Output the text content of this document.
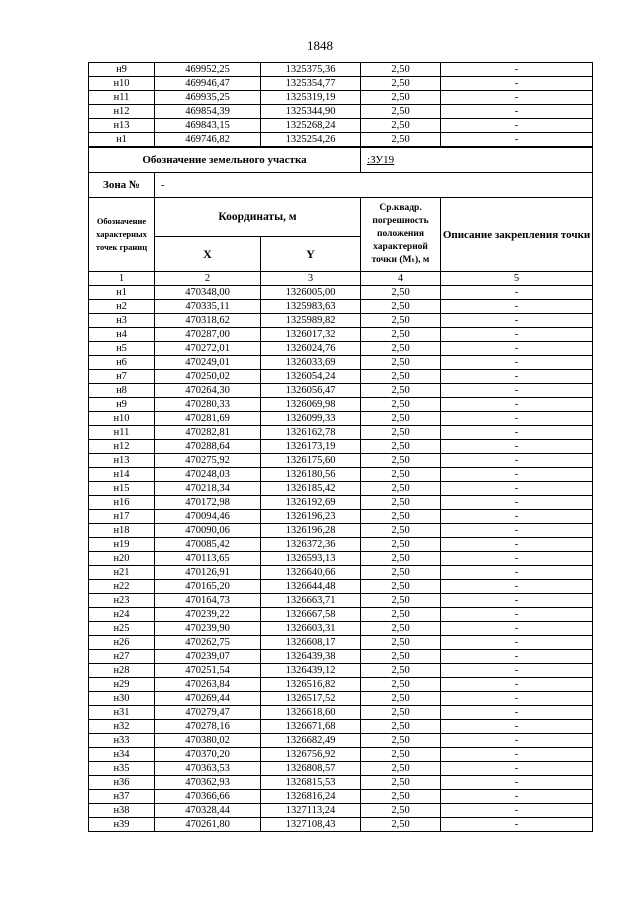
1848
н9	469952,25	1325375,36	2,50	-
н10	469946,47	1325354,77	2,50	-
н11	469935,25	1325319,19	2,50	-
н12	469854,39	1325344,90	2,50	-
н13	469843,15	1325268,24	2,50	-
н1	469746,82	1325254,26	2,50	-
Обозначение земельного участка			:ЗУ19	
Зона №	-			
Обозначение характерных точек границ	Координаты, м		Ср.квадр. погрешность положения характерной точки (Mₜ), м	Описание закрепления точки
	X	Y		
1	2	3	4	5
н1	470348,00	1326005,00	2,50	-
н2	470335,11	1325983,63	2,50	-
н3	470318,62	1325989,82	2,50	-
н4	470287,00	1326017,32	2,50	-
н5	470272,01	1326024,76	2,50	-
н6	470249,01	1326033,69	2,50	-
н7	470250,02	1326054,24	2,50	-
н8	470264,30	1326056,47	2,50	-
н9	470280,33	1326069,98	2,50	-
н10	470281,69	1326099,33	2,50	-
н11	470282,81	1326162,78	2,50	-
н12	470288,64	1326173,19	2,50	-
н13	470275,92	1326175,60	2,50	-
н14	470248,03	1326180,56	2,50	-
н15	470218,34	1326185,42	2,50	-
н16	470172,98	1326192,69	2,50	-
н17	470094,46	1326196,23	2,50	-
н18	470090,06	1326196,28	2,50	-
н19	470085,42	1326372,36	2,50	-
н20	470113,65	1326593,13	2,50	-
н21	470126,91	1326640,66	2,50	-
н22	470165,20	1326644,48	2,50	-
н23	470164,73	1326663,71	2,50	-
н24	470239,22	1326667,58	2,50	-
н25	470239,90	1326603,31	2,50	-
н26	470262,75	1326608,17	2,50	-
н27	470239,07	1326439,38	2,50	-
н28	470251,54	1326439,12	2,50	-
н29	470263,84	1326516,82	2,50	-
н30	470269,44	1326517,52	2,50	-
н31	470279,47	1326618,60	2,50	-
н32	470278,16	1326671,68	2,50	-
н33	470380,02	1326682,49	2,50	-
н34	470370,20	1326756,92	2,50	-
н35	470363,53	1326808,57	2,50	-
н36	470362,93	1326815,53	2,50	-
н37	470366,66	1326816,24	2,50	-
н38	470328,44	1327113,24	2,50	-
н39	470261,80	1327108,43	2,50	-
